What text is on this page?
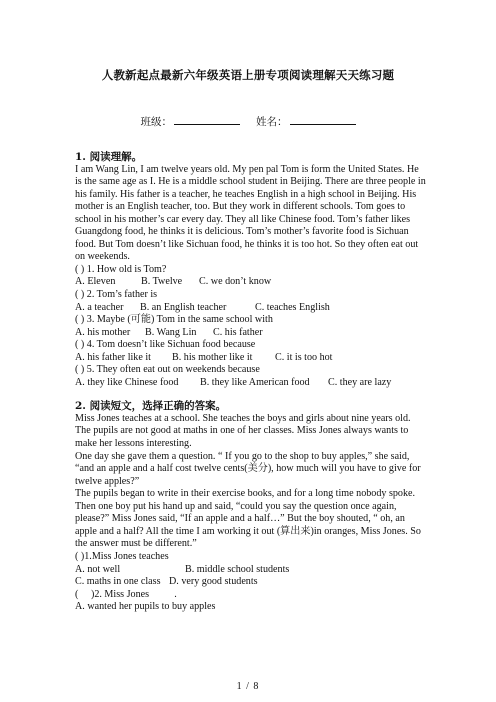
人教新起点最新六年级英语上册专项阅读理解天天练习题
班级：	姓名：

1. 阅读理解。

I am Wang Lin, I am twelve years old. My pen pal Tom is form the United States. He is the same age as I. He is a middle school student in Beijing. There are three people in his family. His father is a teacher, he teaches English in a high school in Beijing. His mother is an English teacher, too. But they work in different schools. Tom goes to school in his mother’s car every day. They all like Chinese food. Tom’s father likes Guangdong food, he thinks it is delicious. Tom’s mother’s favorite food is Sichuan food. But Tom doesn’t like Sichuan food, he thinks it is too hot. So they often eat out on weekends.

( ) 1. How old is Tom?

A. Eleven	B. Twelve C. we don’t know

( ) 2. Tom’s father is

A. a teacher B. an English teacher	C. teaches English

( ) 3. Maybe (可能) Tom in the same school with

A. his mother B. Wang Lin C. his father

( ) 4. Tom doesn’t like Sichuan food because

A. his father like it B. his mother like it C. it is too hot

( ) 5. They often eat out on weekends because

A. they like Chinese food B. they like American food C. they are lazy

2. 阅读短文，选择正确的答案。

Miss Jones teaches at a school. She teaches the boys and girls about nine years old. The pupils are not good at maths in one of her classes. Miss Jones always wants to make her lessons interesting.

One day she gave them a question. “ If you go to the shop to buy apples,” she said, “and an apple and a half cost twelve cents(美分), how much will you have to give for twelve apples?”

The pupils began to write in their exercise books, and for a long time nobody spoke. Then one boy put his hand up and said, “could you say the question once again, please?” Miss Jones said, “If an apple and a half…” But the boy shouted, “ oh, an apple and a half? All the time I am working it out (算出来)in oranges, Miss Jones. So the answer must be different.”

( )1.Miss Jones teaches

A. not well	B. middle school students

C. maths in one class D. very good students

(     )2. Miss Jones          .

A. wanted her pupils to buy apples

1 / 8
